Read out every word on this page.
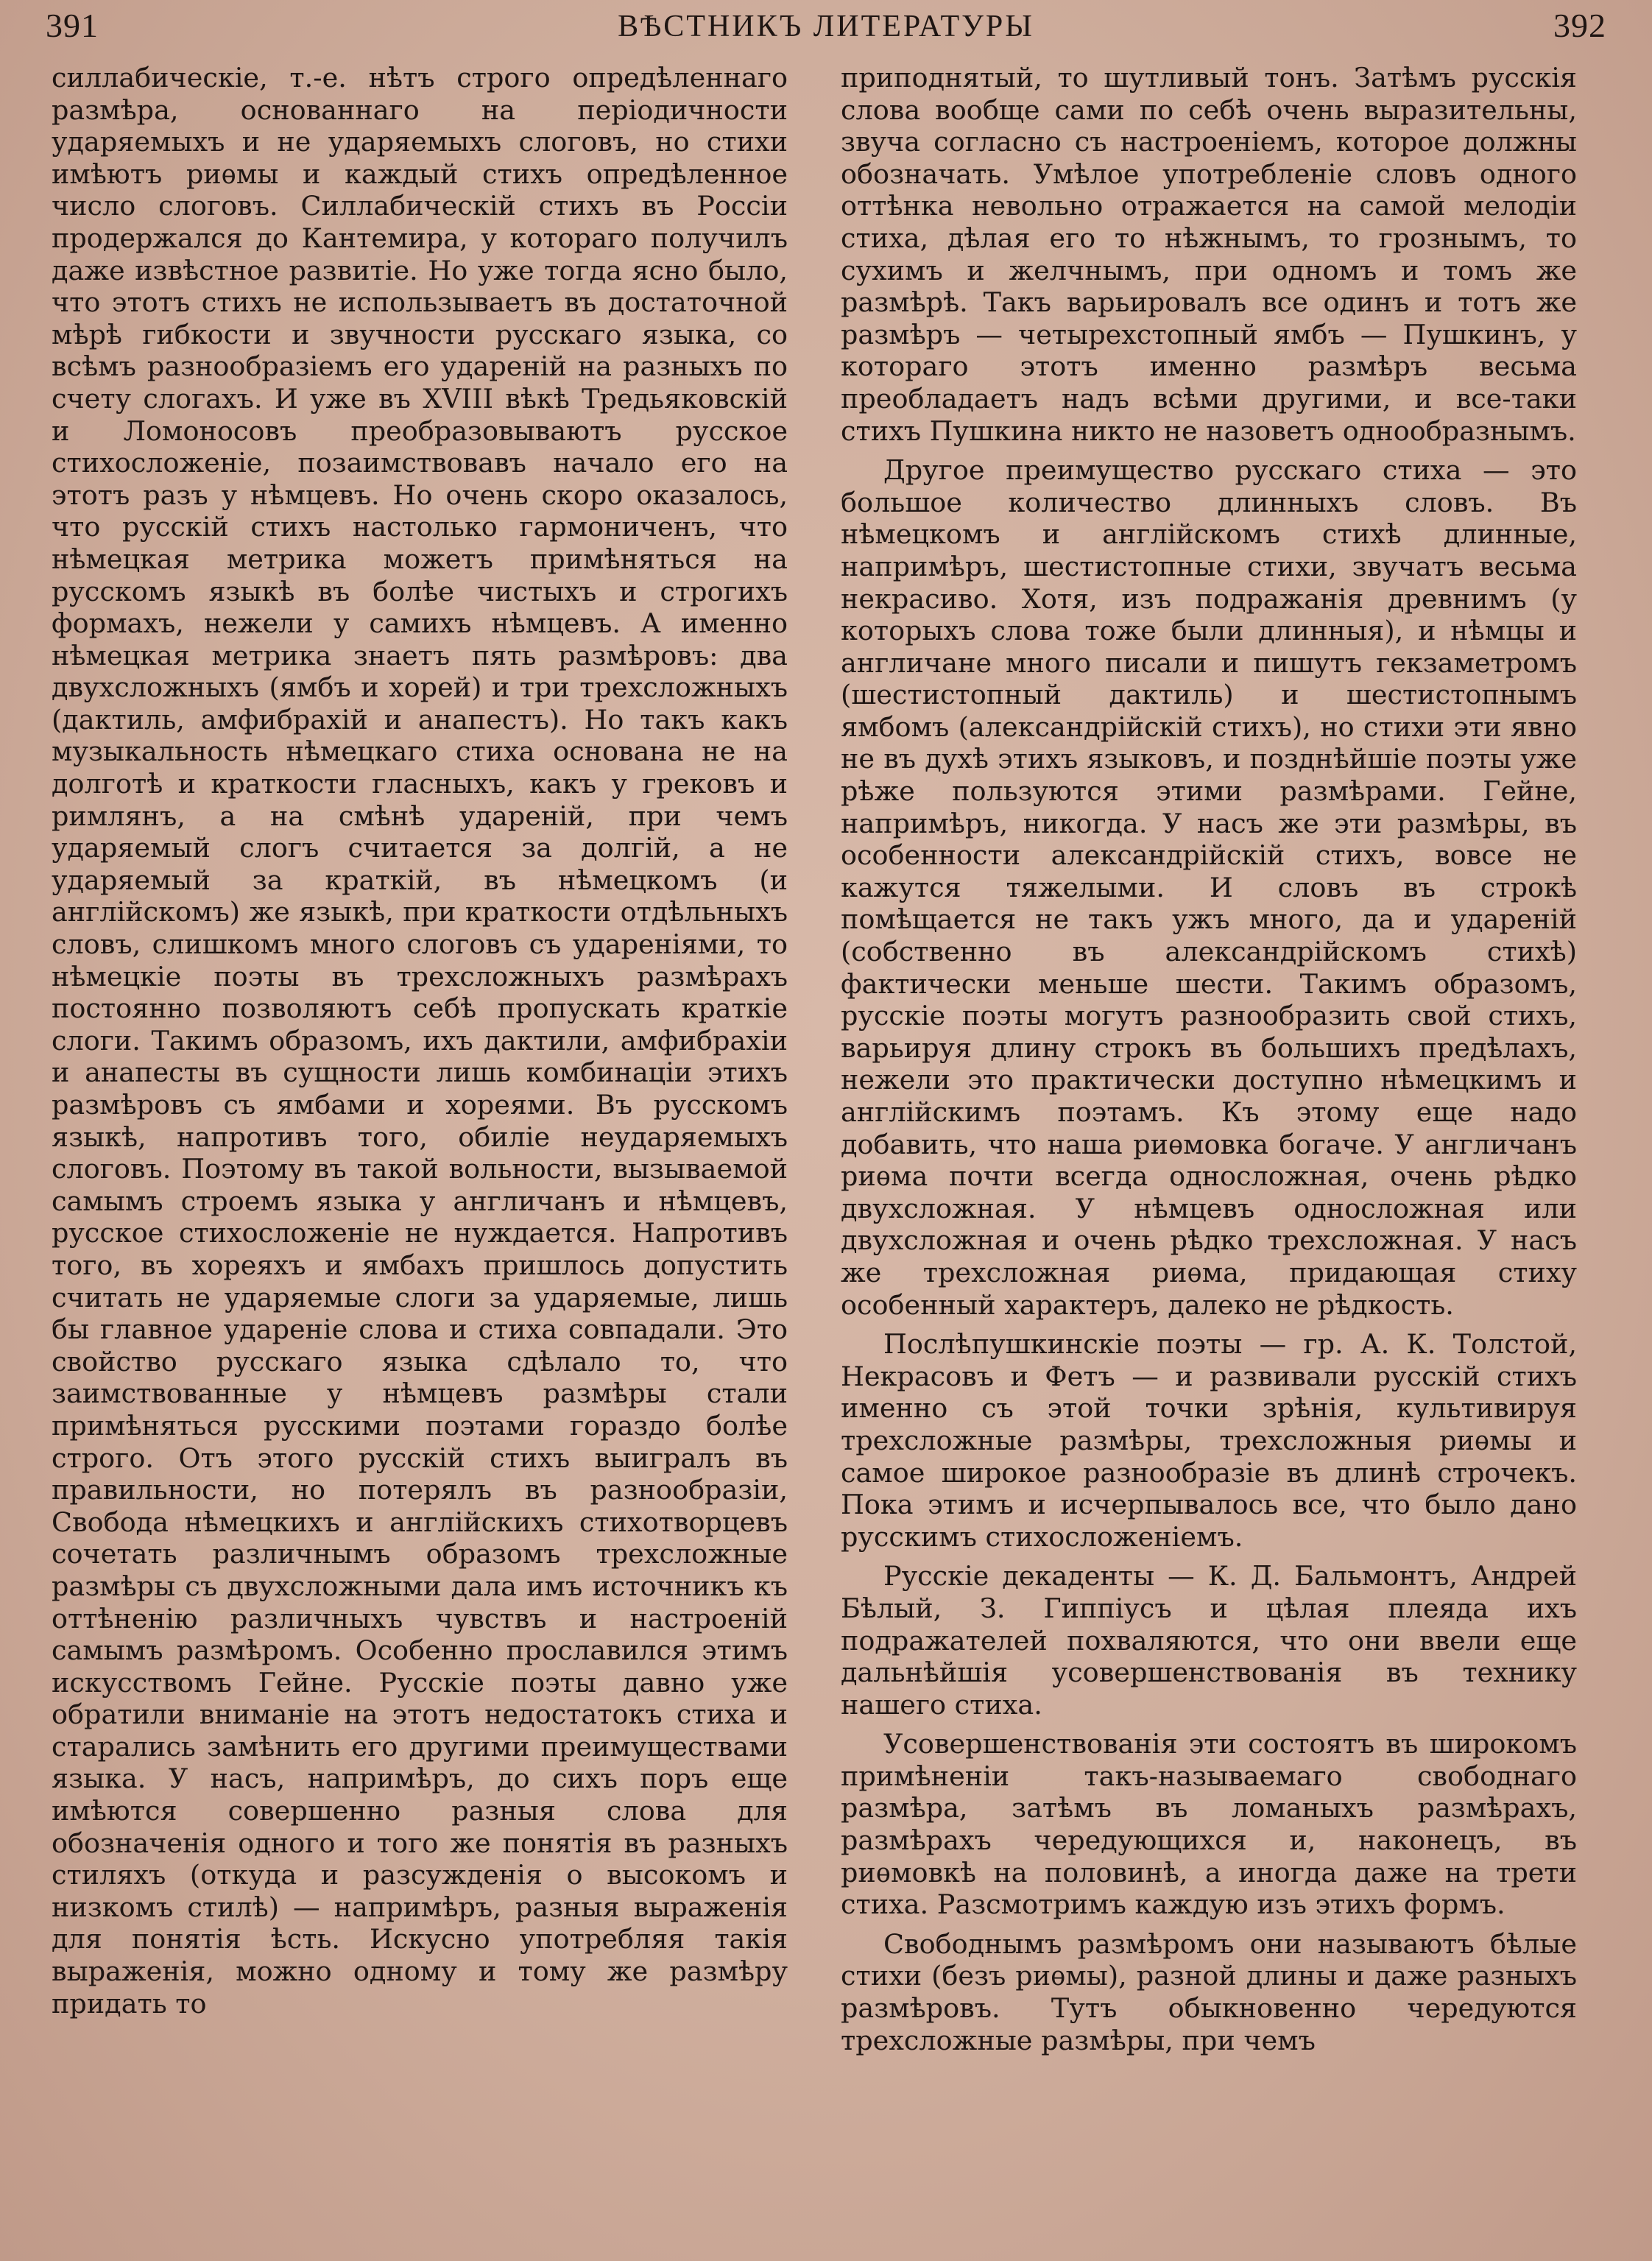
391	ВѢСТНИКЪ ЛИТЕРАТУРЫ	392

силлабическіе, т.-е. нѣтъ строго опредѣленнаго размѣра, основаннаго на періодичности ударяемыхъ и не ударяемыхъ слоговъ, но стихи имѣютъ риѳмы и каждый стихъ опредѣленное число слоговъ. Силлабическій стихъ въ Россіи продержался до Кантемира, у котораго получилъ даже извѣстное развитіе. Но уже тогда ясно было, что этотъ стихъ не использываетъ въ достаточной мѣрѣ гибкости и звучности русскаго языка, со всѣмъ разнообразіемъ его удареній на разныхъ по счету слогахъ. И уже въ XVIII вѣкѣ Тредьяковскій и Ломоносовъ преобразовываютъ русское стихосложеніе, позаимствовавъ начало его на этотъ разъ у нѣмцевъ. Но очень скоро оказалось, что русскій стихъ настолько гармониченъ, что нѣмецкая метрика можетъ примѣняться на русскомъ языкѣ въ болѣе чистыхъ и строгихъ формахъ, нежели у самихъ нѣмцевъ. А именно нѣмецкая метрика знаетъ пять размѣровъ: два двухсложныхъ (ямбъ и хорей) и три трехсложныхъ (дактиль, амфибрахій и анапестъ). Но такъ какъ музыкальность нѣмецкаго стиха основана не на долготѣ и краткости гласныхъ, какъ у грековъ и римлянъ, а на смѣнѣ удареній, при чемъ ударяемый слогъ считается за долгій, а не ударяемый за краткій, въ нѣмецкомъ (и англійскомъ) же языкѣ, при краткости отдѣльныхъ словъ, слишкомъ много слоговъ съ удареніями, то нѣмецкіе поэты въ трехсложныхъ размѣрахъ постоянно позволяютъ себѣ пропускать краткіе слоги. Такимъ образомъ, ихъ дактили, амфибрахіи и анапесты въ сущности лишь комбинаціи этихъ размѣровъ съ ямбами и хореями. Въ русскомъ языкѣ, напротивъ того, обиліе неударяемыхъ слоговъ. Поэтому въ такой вольности, вызываемой самымъ строемъ языка у англичанъ и нѣмцевъ, русское стихосложеніе не нуждается. Напротивъ того, въ хореяхъ и ямбахъ пришлось допустить считать не ударяемые слоги за ударяемые, лишь бы главное удареніе слова и стиха совпадали. Это свойство русскаго языка сдѣлало то, что заимствованные у нѣмцевъ размѣры стали примѣняться русскими поэтами гораздо болѣе строго. Отъ этого русскій стихъ выигралъ въ правильности, но потерялъ въ разнообразіи, Свобода нѣмецкихъ и англійскихъ стихотворцевъ сочетать различнымъ образомъ трехсложные размѣры съ двухсложными дала имъ источникъ къ оттѣненію различныхъ чувствъ и настроеній самымъ размѣромъ. Особенно прославился этимъ искусствомъ Гейне. Русскіе поэты давно уже обратили вниманіе на этотъ недостатокъ стиха и старались замѣнить его другими преимуществами языка. У насъ, напримѣръ, до сихъ поръ еще имѣются совершенно разныя слова для обозначенія одного и того же понятія въ разныхъ стиляхъ (откуда и разсужденія о высокомъ и низкомъ стилѣ) — напримѣръ, разныя выраженія для понятія ѣсть. Искусно употребляя такія выраженія, можно одному и тому же размѣру придать то

приподнятый, то шутливый тонъ. Затѣмъ русскія слова вообще сами по себѣ очень выразительны, звуча согласно съ настроеніемъ, которое должны обозначать. Умѣлое употребленіе словъ одного оттѣнка невольно отражается на самой мелодіи стиха, дѣлая его то нѣжнымъ, то грознымъ, то сухимъ и желчнымъ, при одномъ и томъ же размѣрѣ. Такъ варьировалъ все одинъ и тотъ же размѣръ — четырехстопный ямбъ — Пушкинъ, у котораго этотъ именно размѣръ весьма преобладаетъ надъ всѣми другими, и все-таки стихъ Пушкина никто не назоветъ однообразнымъ.

Другое преимущество русскаго стиха — это большое количество длинныхъ словъ. Въ нѣмецкомъ и англійскомъ стихѣ длинные, напримѣръ, шестистопные стихи, звучатъ весьма некрасиво. Хотя, изъ подражанія древнимъ (у которыхъ слова тоже были длинныя), и нѣмцы и англичане много писали и пишутъ гекзаметромъ (шестистопный дактиль) и шестистопнымъ ямбомъ (александрійскій стихъ), но стихи эти явно не въ духѣ этихъ языковъ, и позднѣйшіе поэты уже рѣже пользуются этими размѣрами. Гейне, напримѣръ, никогда. У насъ же эти размѣры, въ особенности александрійскій стихъ, вовсе не кажутся тяжелыми. И словъ въ строкѣ помѣщается не такъ ужъ много, да и удареній (собственно въ александрійскомъ стихѣ) фактически меньше шести. Такимъ образомъ, русскіе поэты могутъ разнообразить свой стихъ, варьируя длину строкъ въ большихъ предѣлахъ, нежели это практически доступно нѣмецкимъ и англійскимъ поэтамъ. Къ этому еще надо добавить, что наша риѳмовка богаче. У англичанъ риѳма почти всегда односложная, очень рѣдко двухсложная. У нѣмцевъ односложная или двухсложная и очень рѣдко трехсложная. У насъ же трехсложная риѳма, придающая стиху особенный характеръ, далеко не рѣдкость.

Послѣпушкинскіе поэты — гр. А. К. Толстой, Некрасовъ и Фетъ — и развивали русскій стихъ именно съ этой точки зрѣнія, культивируя трехсложные размѣры, трехсложныя риѳмы и самое широкое разнообразіе въ длинѣ строчекъ. Пока этимъ и исчерпывалось все, что было дано русскимъ стихосложеніемъ.

Русскіе декаденты — К. Д. Бальмонтъ, Андрей Бѣлый, З. Гиппіусъ и цѣлая плеяда ихъ подражателей похваляются, что они ввели еще дальнѣйшія усовершенствованія въ технику нашего стиха.

Усовершенствованія эти состоятъ въ широкомъ примѣненіи такъ-называемаго свободнаго размѣра, затѣмъ въ ломаныхъ размѣрахъ, размѣрахъ чередующихся и, наконецъ, въ риѳмовкѣ на половинѣ, а иногда даже на трети стиха. Разсмотримъ каждую изъ этихъ формъ.

Свободнымъ размѣромъ они называютъ бѣлые стихи (безъ риѳмы), разной длины и даже разныхъ размѣровъ. Тутъ обыкновенно чередуются трехсложные размѣры, при чемъ
